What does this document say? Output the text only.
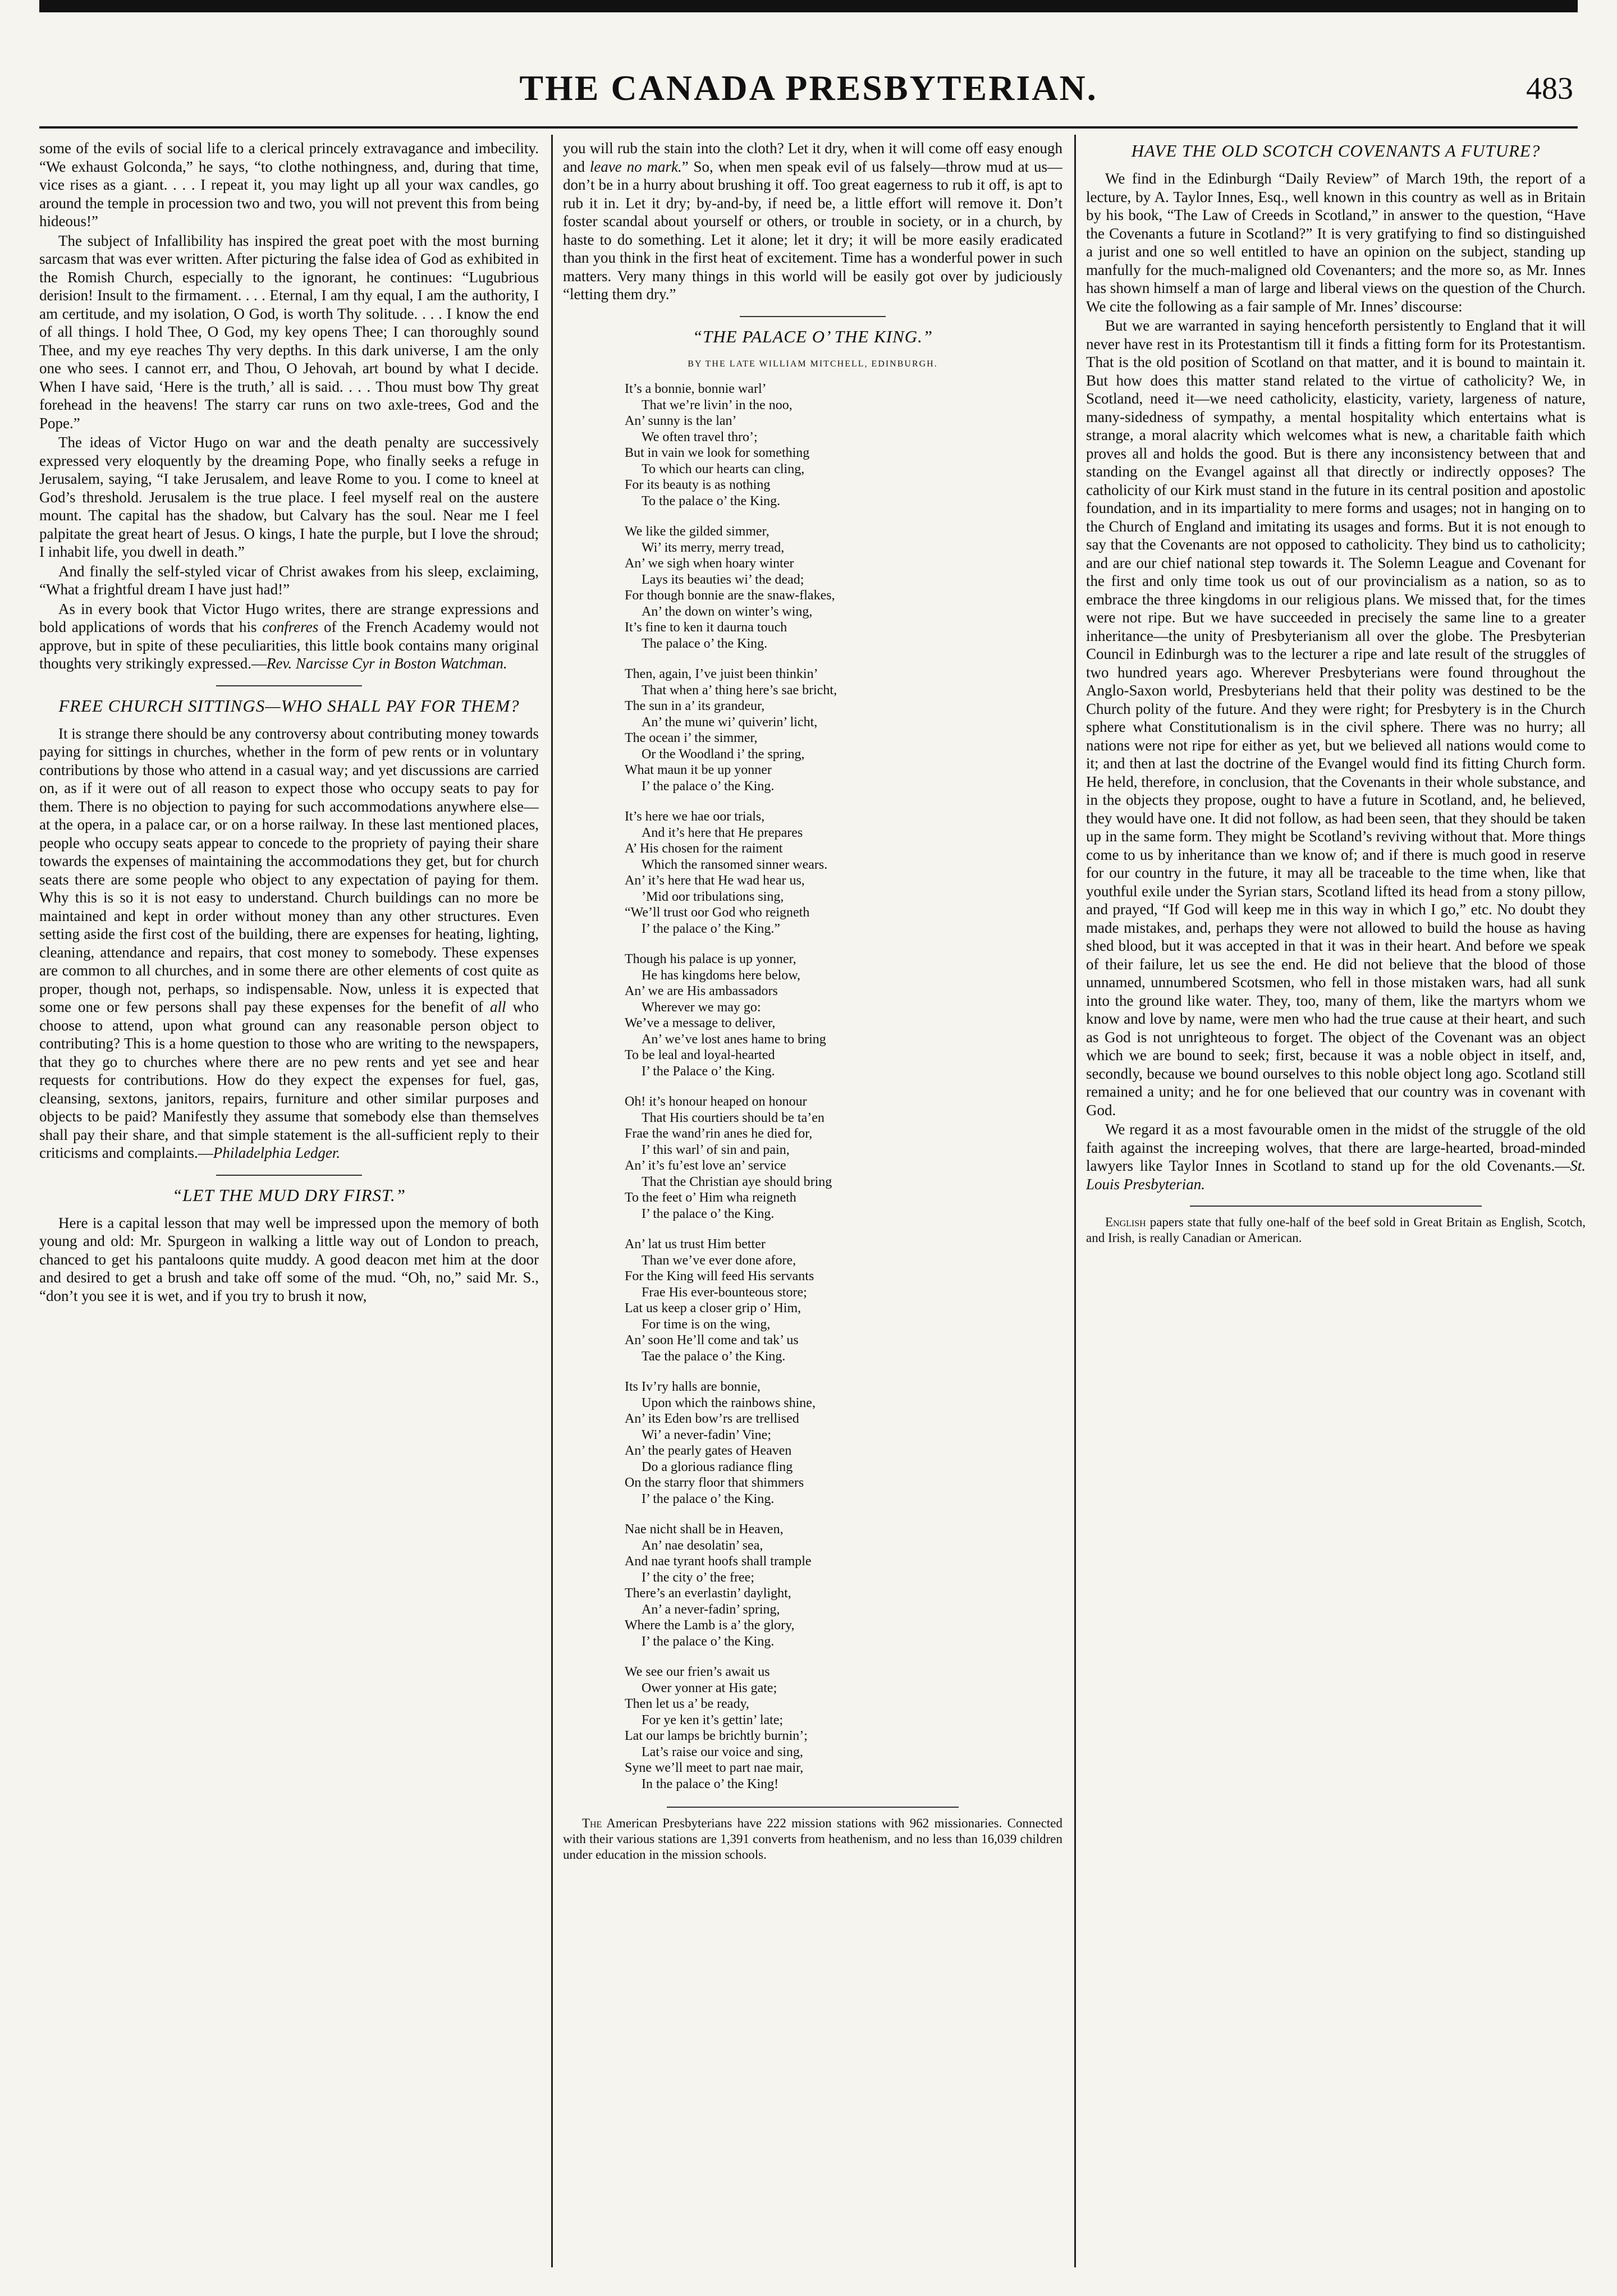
THE CANADA PRESBYTERIAN.	483

some of the evils of social life to a clerical princely extravagance and imbecility. “We exhaust Golconda,” he says, “to clothe nothingness, and, during that time, vice rises as a giant. . . . I repeat it, you may light up all your wax candles, go around the temple in procession two and two, you will not prevent this from being hideous!”

The subject of Infallibility has inspired the great poet with the most burning sarcasm that was ever written. After picturing the false idea of God as exhibited in the Romish Church, especially to the ignorant, he continues: “Lugubrious derision! Insult to the firmament. . . . Eternal, I am thy equal, I am the authority, I am certitude, and my isolation, O God, is worth Thy solitude. . . . I know the end of all things. I hold Thee, O God, my key opens Thee; I can thoroughly sound Thee, and my eye reaches Thy very depths. In this dark universe, I am the only one who sees. I cannot err, and Thou, O Jehovah, art bound by what I decide. When I have said, ‘Here is the truth,’ all is said. . . . Thou must bow Thy great forehead in the heavens! The starry car runs on two axle-trees, God and the Pope.”

The ideas of Victor Hugo on war and the death penalty are successively expressed very eloquently by the dreaming Pope, who finally seeks a refuge in Jerusalem, saying, “I take Jerusalem, and leave Rome to you. I come to kneel at God’s threshold. Jerusalem is the true place. I feel myself real on the austere mount. The capital has the shadow, but Calvary has the soul. Near me I feel palpitate the great heart of Jesus. O kings, I hate the purple, but I love the shroud; I inhabit life, you dwell in death.”

And finally the self-styled vicar of Christ awakes from his sleep, exclaiming, “What a frightful dream I have just had!”

As in every book that Victor Hugo writes, there are strange expressions and bold applications of words that his confreres of the French Academy would not approve, but in spite of these peculiarities, this little book contains many original thoughts very strikingly expressed.—Rev. Narcisse Cyr in Boston Watchman.

FREE CHURCH SITTINGS—WHO SHALL PAY FOR THEM?

It is strange there should be any controversy about contributing money towards paying for sittings in churches, whether in the form of pew rents or in voluntary contributions by those who attend in a casual way; and yet discussions are carried on, as if it were out of all reason to expect those who occupy seats to pay for them. There is no objection to paying for such accommodations anywhere else—at the opera, in a palace car, or on a horse railway. In these last mentioned places, people who occupy seats appear to concede to the propriety of paying their share towards the expenses of maintaining the accommodations they get, but for church seats there are some people who object to any expectation of paying for them. Why this is so it is not easy to understand. Church buildings can no more be maintained and kept in order without money than any other structures. Even setting aside the first cost of the building, there are expenses for heating, lighting, cleaning, attendance and repairs, that cost money to somebody. These expenses are common to all churches, and in some there are other elements of cost quite as proper, though not, perhaps, so indispensable. Now, unless it is expected that some one or few persons shall pay these expenses for the benefit of all who choose to attend, upon what ground can any reasonable person object to contributing? This is a home question to those who are writing to the newspapers, that they go to churches where there are no pew rents and yet see and hear requests for contributions. How do they expect the expenses for fuel, gas, cleansing, sextons, janitors, repairs, furniture and other similar purposes and objects to be paid? Manifestly they assume that somebody else than themselves shall pay their share, and that simple statement is the all-sufficient reply to their criticisms and complaints.—Philadelphia Ledger.

“LET THE MUD DRY FIRST.”

Here is a capital lesson that may well be impressed upon the memory of both young and old: Mr. Spurgeon in walking a little way out of London to preach, chanced to get his pantaloons quite muddy. A good deacon met him at the door and desired to get a brush and take off some of the mud. “Oh, no,” said Mr. S., “don’t you see it is wet, and if you try to brush it now,

you will rub the stain into the cloth? Let it dry, when it will come off easy enough and leave no mark.” So, when men speak evil of us falsely—throw mud at us—don’t be in a hurry about brushing it off. Too great eagerness to rub it off, is apt to rub it in. Let it dry; by-and-by, if need be, a little effort will remove it. Don’t foster scandal about yourself or others, or trouble in society, or in a church, by haste to do something. Let it alone; let it dry; it will be more easily eradicated than you think in the first heat of excitement. Time has a wonderful power in such matters. Very many things in this world will be easily got over by judiciously “letting them dry.”

“THE PALACE O’ THE KING.”
BY THE LATE WILLIAM MITCHELL, EDINBURGH.
It’s a bonnie, bonnie warl’
That we’re livin’ in the noo,
An’ sunny is the lan’
We often travel thro’;
But in vain we look for something
To which our hearts can cling,
For its beauty is as nothing
To the palace o’ the King.
We like the gilded simmer,
Wi’ its merry, merry tread,
An’ we sigh when hoary winter
Lays its beauties wi’ the dead;
For though bonnie are the snaw-flakes,
An’ the down on winter’s wing,
It’s fine to ken it daurna touch
The palace o’ the King.
Then, again, I’ve juist been thinkin’
That when a’ thing here’s sae bricht,
The sun in a’ its grandeur,
An’ the mune wi’ quiverin’ licht,
The ocean i’ the simmer,
Or the Woodland i’ the spring,
What maun it be up yonner
I’ the palace o’ the King.
It’s here we hae oor trials,
And it’s here that He prepares
A’ His chosen for the raiment
Which the ransomed sinner wears.
An’ it’s here that He wad hear us,
’Mid oor tribulations sing,
“We’ll trust oor God who reigneth
I’ the palace o’ the King.”
Though his palace is up yonner,
He has kingdoms here below,
An’ we are His ambassadors
Wherever we may go:
We’ve a message to deliver,
An’ we’ve lost anes hame to bring
To be leal and loyal-hearted
I’ the Palace o’ the King.
Oh! it’s honour heaped on honour
That His courtiers should be ta’en
Frae the wand’rin anes he died for,
I’ this warl’ of sin and pain,
An’ it’s fu’est love an’ service
That the Christian aye should bring
To the feet o’ Him wha reigneth
I’ the palace o’ the King.
An’ lat us trust Him better
Than we’ve ever done afore,
For the King will feed His servants
Frae His ever-bounteous store;
Lat us keep a closer grip o’ Him,
For time is on the wing,
An’ soon He’ll come and tak’ us
Tae the palace o’ the King.
Its Iv’ry halls are bonnie,
Upon which the rainbows shine,
An’ its Eden bow’rs are trellised
Wi’ a never-fadin’ Vine;
An’ the pearly gates of Heaven
Do a glorious radiance fling
On the starry floor that shimmers
I’ the palace o’ the King.
Nae nicht shall be in Heaven,
An’ nae desolatin’ sea,
And nae tyrant hoofs shall trample
I’ the city o’ the free;
There’s an everlastin’ daylight,
An’ a never-fadin’ spring,
Where the Lamb is a’ the glory,
I’ the palace o’ the King.
We see our frien’s await us
Ower yonner at His gate;
Then let us a’ be ready,
For ye ken it’s gettin’ late;
Lat our lamps be brichtly burnin’;
Lat’s raise our voice and sing,
Syne we’ll meet to part nae mair,
In the palace o’ the King!

The American Presbyterians have 222 mission stations with 962 missionaries. Connected with their various stations are 1,391 converts from heathenism, and no less than 16,039 children under education in the mission schools.

HAVE THE OLD SCOTCH COVENANTS A FUTURE?

We find in the Edinburgh “Daily Review” of March 19th, the report of a lecture, by A. Taylor Innes, Esq., well known in this country as well as in Britain by his book, “The Law of Creeds in Scotland,” in answer to the question, “Have the Covenants a future in Scotland?” It is very gratifying to find so distinguished a jurist and one so well entitled to have an opinion on the subject, standing up manfully for the much-maligned old Covenanters; and the more so, as Mr. Innes has shown himself a man of large and liberal views on the question of the Church. We cite the following as a fair sample of Mr. Innes’ discourse:

But we are warranted in saying henceforth persistently to England that it will never have rest in its Protestantism till it finds a fitting form for its Protestantism. That is the old position of Scotland on that matter, and it is bound to maintain it. But how does this matter stand related to the virtue of catholicity? We, in Scotland, need it—we need catholicity, elasticity, variety, largeness of nature, many-sidedness of sympathy, a mental hospitality which entertains what is strange, a moral alacrity which welcomes what is new, a charitable faith which proves all and holds the good. But is there any inconsistency between that and standing on the Evangel against all that directly or indirectly opposes? The catholicity of our Kirk must stand in the future in its central position and apostolic foundation, and in its impartiality to mere forms and usages; not in hanging on to the Church of England and imitating its usages and forms. But it is not enough to say that the Covenants are not opposed to catholicity. They bind us to catholicity; and are our chief national step towards it. The Solemn League and Covenant for the first and only time took us out of our provincialism as a nation, so as to embrace the three kingdoms in our religious plans. We missed that, for the times were not ripe. But we have succeeded in precisely the same line to a greater inheritance—the unity of Presbyterianism all over the globe. The Presbyterian Council in Edinburgh was to the lecturer a ripe and late result of the struggles of two hundred years ago. Wherever Presbyterians were found throughout the Anglo-Saxon world, Presbyterians held that their polity was destined to be the Church polity of the future. And they were right; for Presbytery is in the Church sphere what Constitutionalism is in the civil sphere. There was no hurry; all nations were not ripe for either as yet, but we believed all nations would come to it; and then at last the doctrine of the Evangel would find its fitting Church form. He held, therefore, in conclusion, that the Covenants in their whole substance, and in the objects they propose, ought to have a future in Scotland, and, he believed, they would have one. It did not follow, as had been seen, that they should be taken up in the same form. They might be Scotland’s reviving without that. More things come to us by inheritance than we know of; and if there is much good in reserve for our country in the future, it may all be traceable to the time when, like that youthful exile under the Syrian stars, Scotland lifted its head from a stony pillow, and prayed, “If God will keep me in this way in which I go,” etc. No doubt they made mistakes, and, perhaps they were not allowed to build the house as having shed blood, but it was accepted in that it was in their heart. And before we speak of their failure, let us see the end. He did not believe that the blood of those unnamed, unnumbered Scotsmen, who fell in those mistaken wars, had all sunk into the ground like water. They, too, many of them, like the martyrs whom we know and love by name, were men who had the true cause at their heart, and such as God is not unrighteous to forget. The object of the Covenant was an object which we are bound to seek; first, because it was a noble object in itself, and, secondly, because we bound ourselves to this noble object long ago. Scotland still remained a unity; and he for one believed that our country was in covenant with God.

We regard it as a most favourable omen in the midst of the struggle of the old faith against the increeping wolves, that there are large-hearted, broad-minded lawyers like Taylor Innes in Scotland to stand up for the old Covenants.—St. Louis Presbyterian.

English papers state that fully one-half of the beef sold in Great Britain as English, Scotch, and Irish, is really Canadian or American.
